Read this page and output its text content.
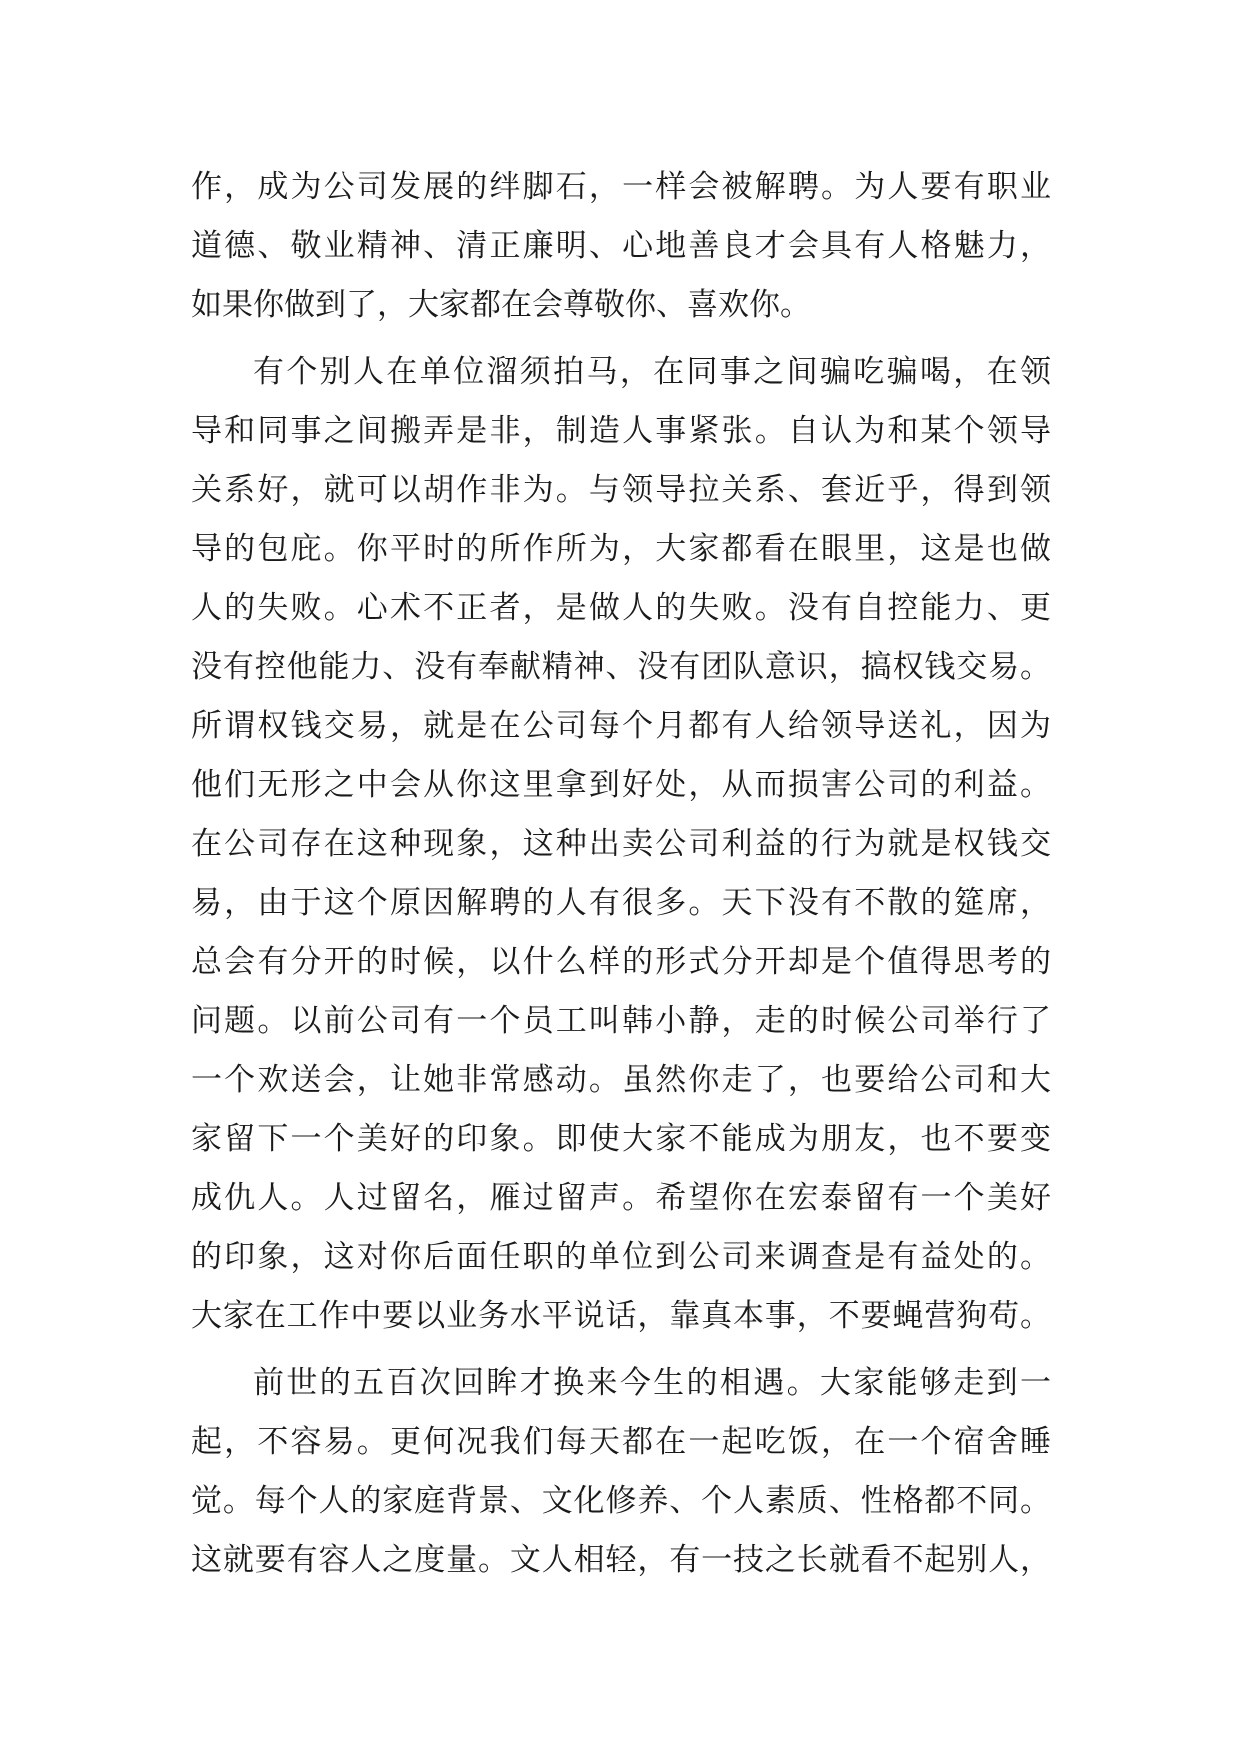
作，成为公司发展的绊脚石，一样会被解聘。为人要有职业
道德、敬业精神、清正廉明、心地善良才会具有人格魅力，
如果你做到了，大家都在会尊敬你、喜欢你。
有个别人在单位溜须拍马，在同事之间骗吃骗喝，在领
导和同事之间搬弄是非，制造人事紧张。自认为和某个领导
关系好，就可以胡作非为。与领导拉关系、套近乎，得到领
导的包庇。你平时的所作所为，大家都看在眼里，这是也做
人的失败。心术不正者，是做人的失败。没有自控能力、更
没有控他能力、没有奉献精神、没有团队意识，搞权钱交易。
所谓权钱交易，就是在公司每个月都有人给领导送礼，因为
他们无形之中会从你这里拿到好处，从而损害公司的利益。
在公司存在这种现象，这种出卖公司利益的行为就是权钱交
易，由于这个原因解聘的人有很多。天下没有不散的筵席，
总会有分开的时候，以什么样的形式分开却是个值得思考的
问题。以前公司有一个员工叫韩小静，走的时候公司举行了
一个欢送会，让她非常感动。虽然你走了，也要给公司和大
家留下一个美好的印象。即使大家不能成为朋友，也不要变
成仇人。人过留名，雁过留声。希望你在宏泰留有一个美好
的印象，这对你后面任职的单位到公司来调查是有益处的。
大家在工作中要以业务水平说话，靠真本事，不要蝇营狗苟。
前世的五百次回眸才换来今生的相遇。大家能够走到一
起，不容易。更何况我们每天都在一起吃饭，在一个宿舍睡
觉。每个人的家庭背景、文化修养、个人素质、性格都不同。
这就要有容人之度量。文人相轻，有一技之长就看不起别人，
